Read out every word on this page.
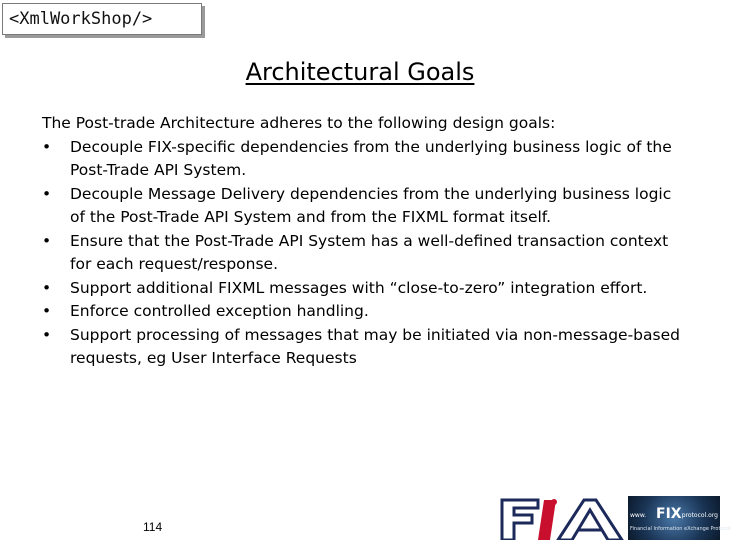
<XmlWorkShop/>
Architectural Goals

The Post-trade Architecture adheres to the following design goals:

• Decouple FIX-specific dependencies from the underlying business logic of the Post-Trade API System.
• Decouple Message Delivery dependencies from the underlying business logic of the Post-Trade API System and from the FIXML format itself.
• Ensure that the Post-Trade API System has a well-defined transaction context for each request/response.
• Support additional FIXML messages with “close-to-zero” integration effort.
• Enforce controlled exception handling.
• Support processing of messages that may be initiated via non-message-based requests, eg User Interface Requests
114
www. FIX protocol.org
Financial Information eXchange Protocol
